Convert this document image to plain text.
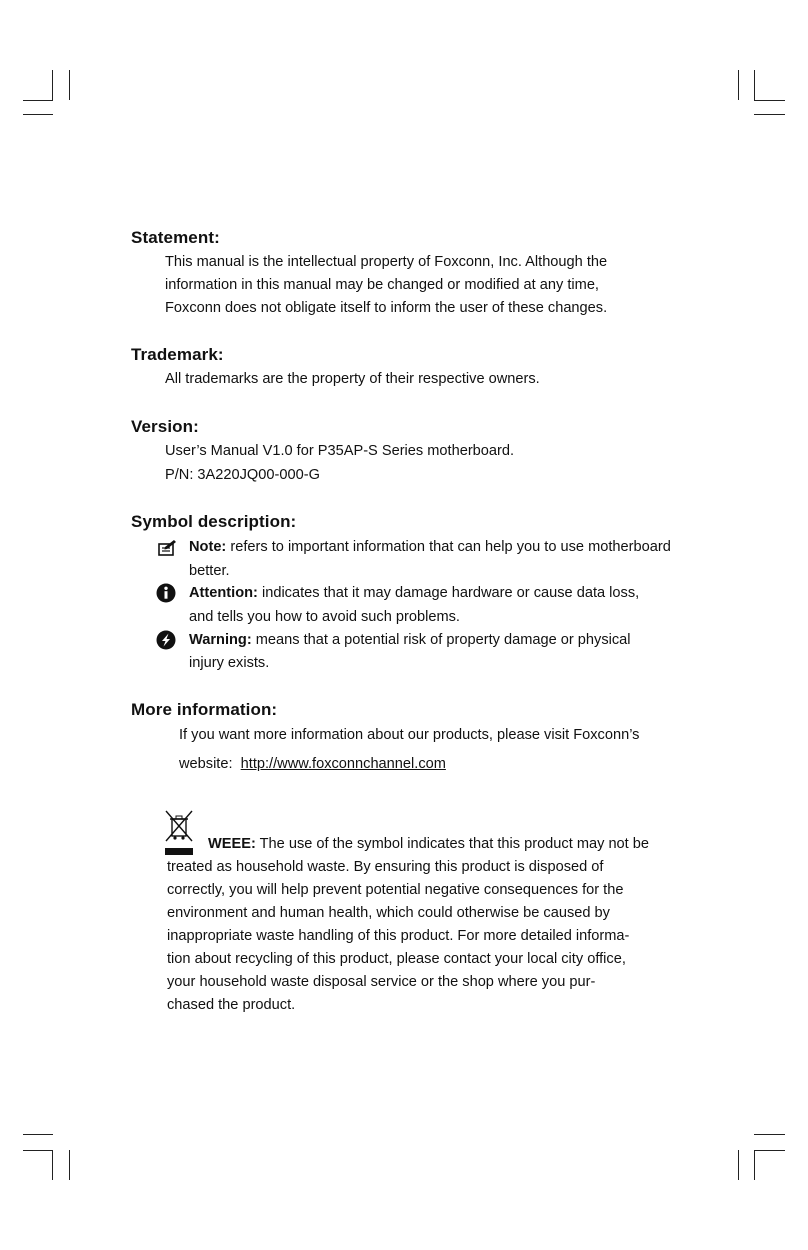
Statement:

This manual is the intellectual property of Foxconn, Inc. Although the

information in this manual may be changed or modified at any time,

Foxconn does not obligate itself to inform the user of these changes.

Trademark:

All trademarks are the property of their respective owners.

Version:

User’s Manual V1.0 for P35AP-S Series motherboard.

P/N: 3A220JQ00-000-G

Symbol description:

Note: refers to important information that can help you to use motherboard

better.

Attention: indicates that it may damage hardware or cause data loss,

and tells you how to avoid such problems.

Warning: means that a potential risk of property damage or physical

injury exists.

More information:

If you want more information about our products, please visit Foxconn’s

website: http://www.foxconnchannel.com

WEEE: The use of the symbol indicates that this product may not be

treated as household waste. By ensuring this product is disposed of

correctly, you will help prevent potential negative consequences for the

environment and human health, which could otherwise be caused by

inappropriate waste handling of this product. For more detailed informa-

tion about recycling of this product, please contact your local city office,

your household waste disposal service or the shop where you pur-

chased the product.
